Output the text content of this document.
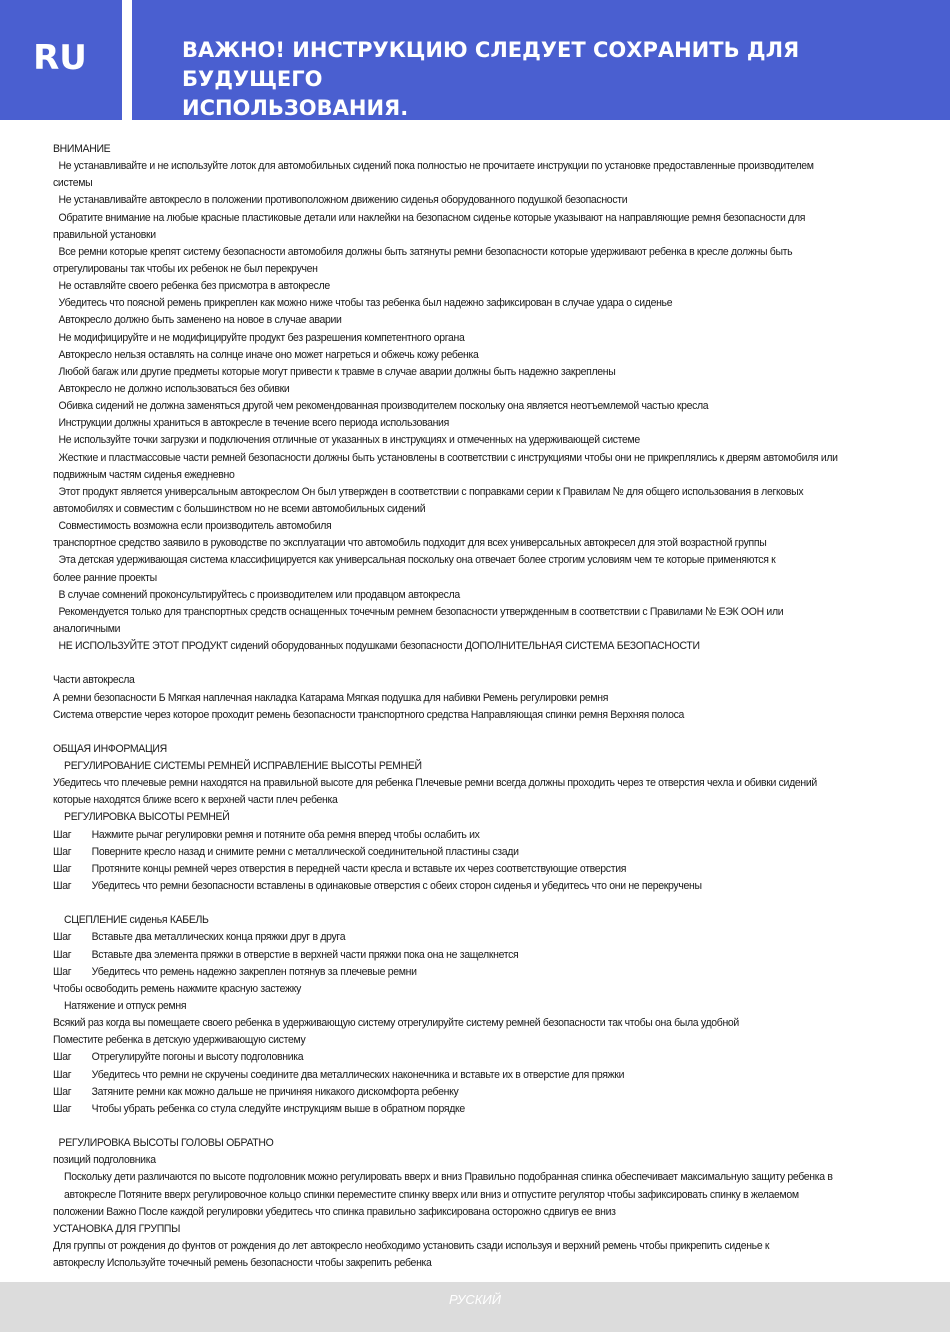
RU	ВАЖНО! ИНСТРУКЦИЮ СЛЕДУЕТ СОХРАНИТЬ ДЛЯ БУДУЩЕГО
ИСПОЛЬЗОВАНИЯ.
ВНИМАНИЕ
Не устанавливайте и не используйте лоток для автомобильных сидений пока полностью не прочитаете инструкции по установке предоставленные производителем
системы
Не устанавливайте автокресло в положении противоположном движению сиденья оборудованного подушкой безопасности
Обратите внимание на любые красные пластиковые детали или наклейки на безопасном сиденье которые указывают на направляющие ремня безопасности для
правильной установки
Все ремни которые крепят систему безопасности автомобиля должны быть затянуты ремни безопасности которые удерживают ребенка в кресле должны быть
отрегулированы так чтобы их ребенок не был перекручен
Не оставляйте своего ребенка без присмотра в автокресле
Убедитесь что поясной ремень прикреплен как можно ниже чтобы таз ребенка был надежно зафиксирован в случае удара о сиденье
Автокресло должно быть заменено на новое в случае аварии
Не модифицируйте и не модифицируйте продукт без разрешения компетентного органа
Автокресло нельзя оставлять на солнце иначе оно может нагреться и обжечь кожу ребенка
Любой багаж или другие предметы которые могут привести к травме в случае аварии должны быть надежно закреплены
Автокресло не должно использоваться без обивки
Обивка сидений не должна заменяться другой чем рекомендованная производителем поскольку она является неотъемлемой частью кресла
Инструкции должны храниться в автокресле в течение всего периода использования
Не используйте точки загрузки и подключения отличные от указанных в инструкциях и отмеченных на удерживающей системе
Жесткие и пластмассовые части ремней безопасности должны быть установлены в соответствии с инструкциями чтобы они не прикреплялись к дверям автомобиля или
подвижным частям сиденья ежедневно
Этот продукт является универсальным автокреслом Он был утвержден в соответствии с поправками серии к Правилам № для общего использования в легковых
автомобилях и совместим с большинством но не всеми автомобильных сидений
Совместимость возможна если производитель автомобиля
транспортное средство заявило в руководстве по эксплуатации что автомобиль подходит для всех универсальных автокресел для этой возрастной группы
Эта детская удерживающая система классифицируется как универсальная поскольку она отвечает более строгим условиям чем те которые применяются к
более ранние проекты
В случае сомнений проконсультируйтесь с производителем или продавцом автокресла
Рекомендуется только для транспортных средств оснащенных точечным ремнем безопасности утвержденным в соответствии с Правилами № ЕЭК ООН или
аналогичными
НЕ ИСПОЛЬЗУЙТЕ ЭТОТ ПРОДУКТ сидений оборудованных подушками безопасности ДОПОЛНИТЕЛЬНАЯ СИСТЕМА БЕЗОПАСНОСТИ
Части автокресла
А ремни безопасности Б Мягкая наплечная накладка Катарама Мягкая подушка для набивки Ремень регулировки ремня
Система отверстие через которое проходит ремень безопасности транспортного средства Направляющая спинки ремня Верхняя полоса
ОБЩАЯ ИНФОРМАЦИЯ
РЕГУЛИРОВАНИЕ СИСТЕМЫ РЕМНЕЙ ИСПРАВЛЕНИЕ ВЫСОТЫ РЕМНЕЙ
Убедитесь что плечевые ремни находятся на правильной высоте для ребенка Плечевые ремни всегда должны проходить через те отверстия чехла и обивки сидений
которые находятся ближе всего к верхней части плеч ребенка
РЕГУЛИРОВКА ВЫСОТЫ РЕМНЕЙ
Шаг Нажмите рычаг регулировки ремня и потяните оба ремня вперед чтобы ослабить их
Шаг Поверните кресло назад и снимите ремни с металлической соединительной пластины сзади
Шаг Протяните концы ремней через отверстия в передней части кресла и вставьте их через соответствующие отверстия
Шаг Убедитесь что ремни безопасности вставлены в одинаковые отверстия с обеих сторон сиденья и убедитесь что они не перекручены
СЦЕПЛЕНИЕ сиденья КАБЕЛЬ
Шаг Вставьте два металлических конца пряжки друг в друга
Шаг Вставьте два элемента пряжки в отверстие в верхней части пряжки пока она не защелкнется
Шаг Убедитесь что ремень надежно закреплен потянув за плечевые ремни
Чтобы освободить ремень нажмите красную застежку
Натяжение и отпуск ремня
Всякий раз когда вы помещаете своего ребенка в удерживающую систему отрегулируйте систему ремней безопасности так чтобы она была удобной
Поместите ребенка в детскую удерживающую систему
Шаг Отрегулируйте погоны и высоту подголовника
Шаг Убедитесь что ремни не скручены соедините два металлических наконечника и вставьте их в отверстие для пряжки
Шаг Затяните ремни как можно дальше не причиняя никакого дискомфорта ребенку
Шаг Чтобы убрать ребенка со стула следуйте инструкциям выше в обратном порядке
РЕГУЛИРОВКА ВЫСОТЫ ГОЛОВЫ ОБРАТНО
позиций подголовника
Поскольку дети различаются по высоте подголовник можно регулировать вверх и вниз Правильно подобранная спинка обеспечивает максимальную защиту ребенка в
автокресле Потяните вверх регулировочное кольцо спинки переместите спинку вверх или вниз и отпустите регулятор чтобы зафиксировать спинку в желаемом
положении Важно После каждой регулировки убедитесь что спинка правильно зафиксирована осторожно сдвигув ее вниз
УСТАНОВКА ДЛЯ ГРУППЫ
Для группы от рождения до фунтов от рождения до лет автокресло необходимо установить сзади используя и верхний ремень чтобы прикрепить сиденье к
автокреслу Используйте точечный ремень безопасности чтобы закрепить ребенка
РУСКИЙ
